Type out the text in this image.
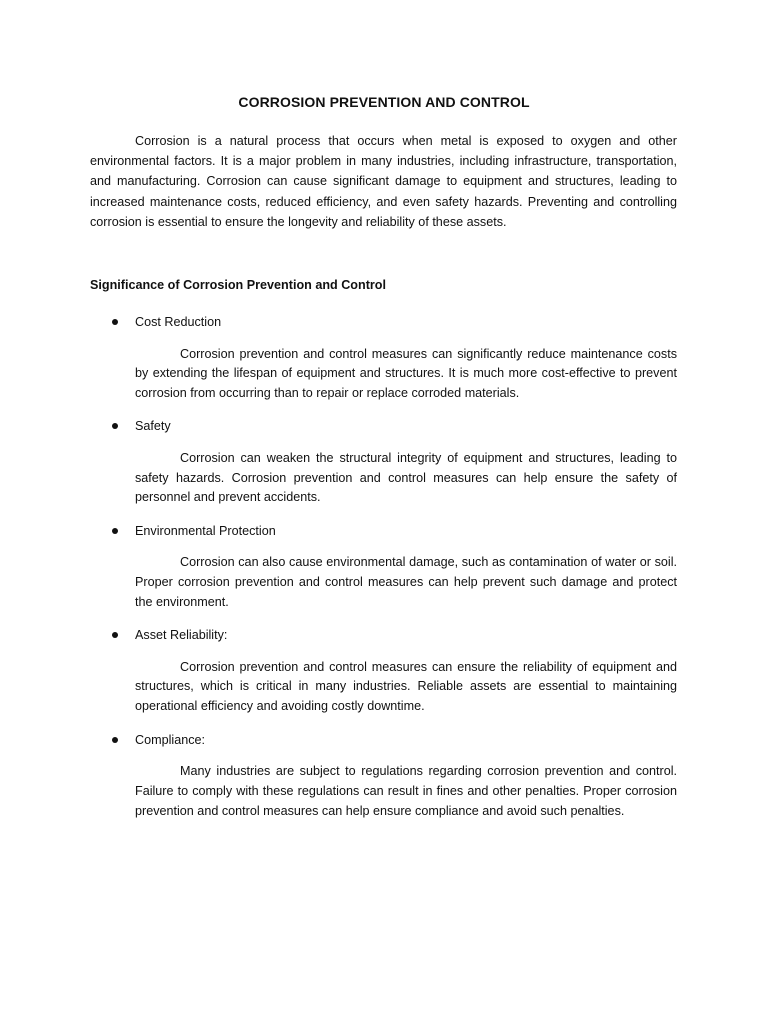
CORROSION PREVENTION AND CONTROL

Corrosion is a natural process that occurs when metal is exposed to oxygen and other environmental factors. It is a major problem in many industries, including infrastructure, transportation, and manufacturing. Corrosion can cause significant damage to equipment and structures, leading to increased maintenance costs, reduced efficiency, and even safety hazards. Preventing and controlling corrosion is essential to ensure the longevity and reliability of these assets.

Significance of Corrosion Prevention and Control
Cost Reduction

Corrosion prevention and control measures can significantly reduce maintenance costs by extending the lifespan of equipment and structures. It is much more cost-effective to prevent corrosion from occurring than to repair or replace corroded materials.

Safety

Corrosion can weaken the structural integrity of equipment and structures, leading to safety hazards. Corrosion prevention and control measures can help ensure the safety of personnel and prevent accidents.

Environmental Protection

Corrosion can also cause environmental damage, such as contamination of water or soil. Proper corrosion prevention and control measures can help prevent such damage and protect the environment.

Asset Reliability:

Corrosion prevention and control measures can ensure the reliability of equipment and structures, which is critical in many industries. Reliable assets are essential to maintaining operational efficiency and avoiding costly downtime.

Compliance:

Many industries are subject to regulations regarding corrosion prevention and control. Failure to comply with these regulations can result in fines and other penalties. Proper corrosion prevention and control measures can help ensure compliance and avoid such penalties.
